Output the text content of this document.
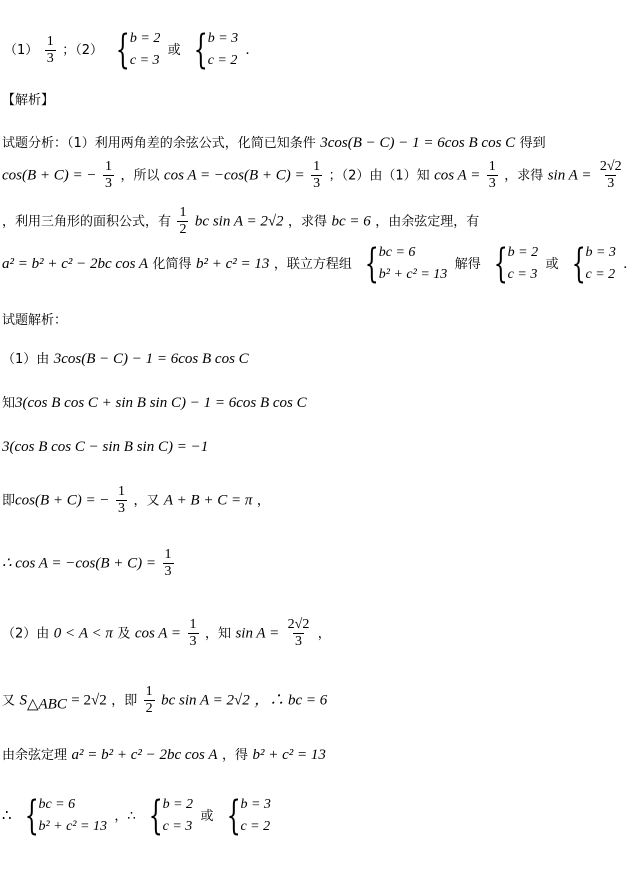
$(1) \frac{1}{3}$ ；（2） { b = 2
c = 3
或 { b = 3
c = 2
.
【解析】
试题分析：（1）利用两角差的余弦公式，化简已知条件 3cos(B − C) − 1 = 6cos B cos C 得到
cos(B + C) = − $\frac{1}{3}$ ，所以 $\cos A = -\cos(B + C) = \frac{1}{3}$ ；（2）由（1）知 $\cos A = \frac{1}{3}$ ，求得 $\sin A = \frac{2√2}{3}$
，利用三角形的面积公式，有 $\frac{1}{2}$ bc sin A = 2√2 ，求得 bc = 6 ，由余弦定理，有
a² = b² + c² − 2bc cos A 化简得 b² + c² = 13 ，联立方程组 { bc = 6
b² + c² = 13
解得 { b = 2
c = 3
或 { b = 3
c = 2
.
试题解析：
（1）由 3cos(B − C) − 1 = 6cos B cos C
知3(cos B cos C + sin B sin C) − 1 = 6cos B cos C
3(cos B cos C − sin B sin C) = −1
即cos(B + C) = − $\frac{1}{3}$ ，又 A + B + C = π ，
∴ $\cos A = -\cos(B + C) = \frac{1}{3}$
（2）由 0 < A < π 及 $\cos A = \frac{1}{3}$ ，知 $\sin A = \frac{2√2}{3}$ ，
又 $S_{\triangle ABC} = 2√2$ ，即 $\frac{1}{2}$ bc sin A = 2√2 ，∴ bc = 6
由余弦定理 a² = b² + c² − 2bc cos A ，得 b² + c² = 13
∴ { bc = 6
b² + c² = 13
，∴ { b = 2
c = 3
或 { b = 3
c = 2
